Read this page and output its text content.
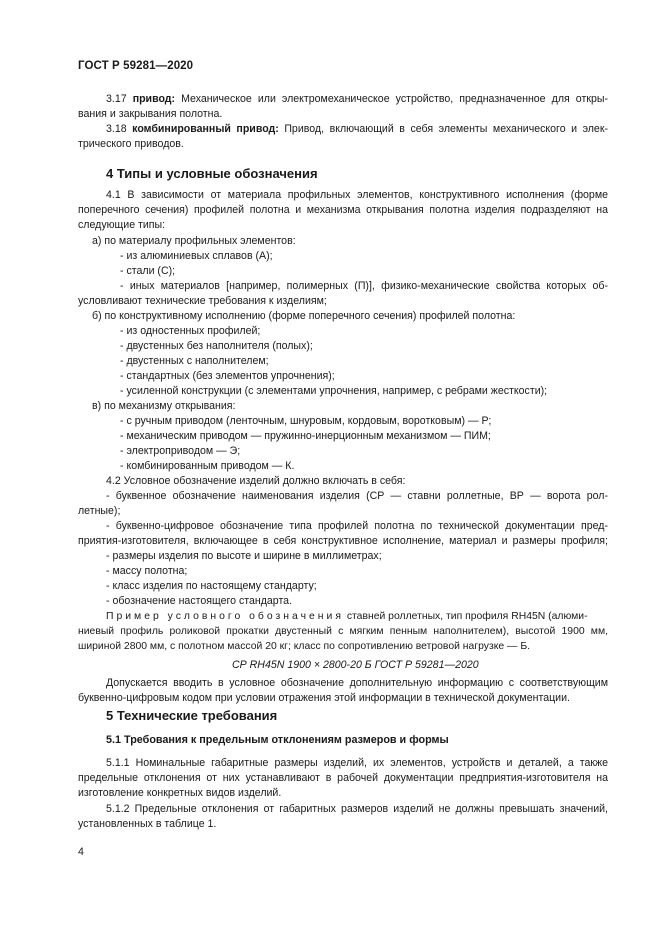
ГОСТ Р 59281—2020
3.17 привод: Механическое или электромеханическое устройство, предназначенное для откры-
вания и закрывания полотна.
3.18 комбинированный привод: Привод, включающий в себя элементы механического и элек-
трического приводов.
4 Типы и условные обозначения
4.1 В зависимости от материала профильных элементов, конструктивного исполнения (форме
поперечного сечения) профилей полотна и механизма открывания полотна изделия подразделяют на
следующие типы:
а) по материалу профильных элементов:
- из алюминиевых сплавов (А);
- стали (С);
- иных материалов [например, полимерных (П)], физико-механические свойства которых об-
условливают технические требования к изделиям;
б) по конструктивному исполнению (форме поперечного сечения) профилей полотна:
- из одностенных профилей;
- двустенных без наполнителя (полых);
- двустенных с наполнителем;
- стандартных (без элементов упрочнения);
- усиленной конструкции (с элементами упрочнения, например, с ребрами жесткости);
в) по механизму открывания:
- с ручным приводом (ленточным, шнуровым, кордовым, воротковым) — Р;
- механическим приводом — пружинно-инерционным механизмом — ПИМ;
- электроприводом — Э;
- комбинированным приводом — К.
4.2 Условное обозначение изделий должно включать в себя:
- буквенное обозначение наименования изделия (СР — ставни роллетные, ВР — ворота рол-
летные);
- буквенно-цифровое обозначение типа профилей полотна по технической документации пред-
приятия-изготовителя, включающее в себя конструктивное исполнение, материал и размеры профиля;
- размеры изделия по высоте и ширине в миллиметрах;
- массу полотна;
- класс изделия по настоящему стандарту;
- обозначение настоящего стандарта.
Пример условного обозначения ставней роллетных, тип профиля RH45N (алюми-
ниевый профиль роликовой прокатки двустенный с мягким пенным наполнителем), высотой 1900 мм,
шириной 2800 мм, с полотном массой 20 кг; класс по сопротивлению ветровой нагрузке — Б.
СР RH45N 1900 × 2800-20 Б ГОСТ Р 59281—2020
Допускается вводить в условное обозначение дополнительную информацию с соответствующим
буквенно-цифровым кодом при условии отражения этой информации в технической документации.
5 Технические требования
5.1 Требования к предельным отклонениям размеров и формы
5.1.1 Номинальные габаритные размеры изделий, их элементов, устройств и деталей, а также
предельные отклонения от них устанавливают в рабочей документации предприятия-изготовителя на
изготовление конкретных видов изделий.
5.1.2 Предельные отклонения от габаритных размеров изделий не должны превышать значений,
установленных в таблице 1.
4
